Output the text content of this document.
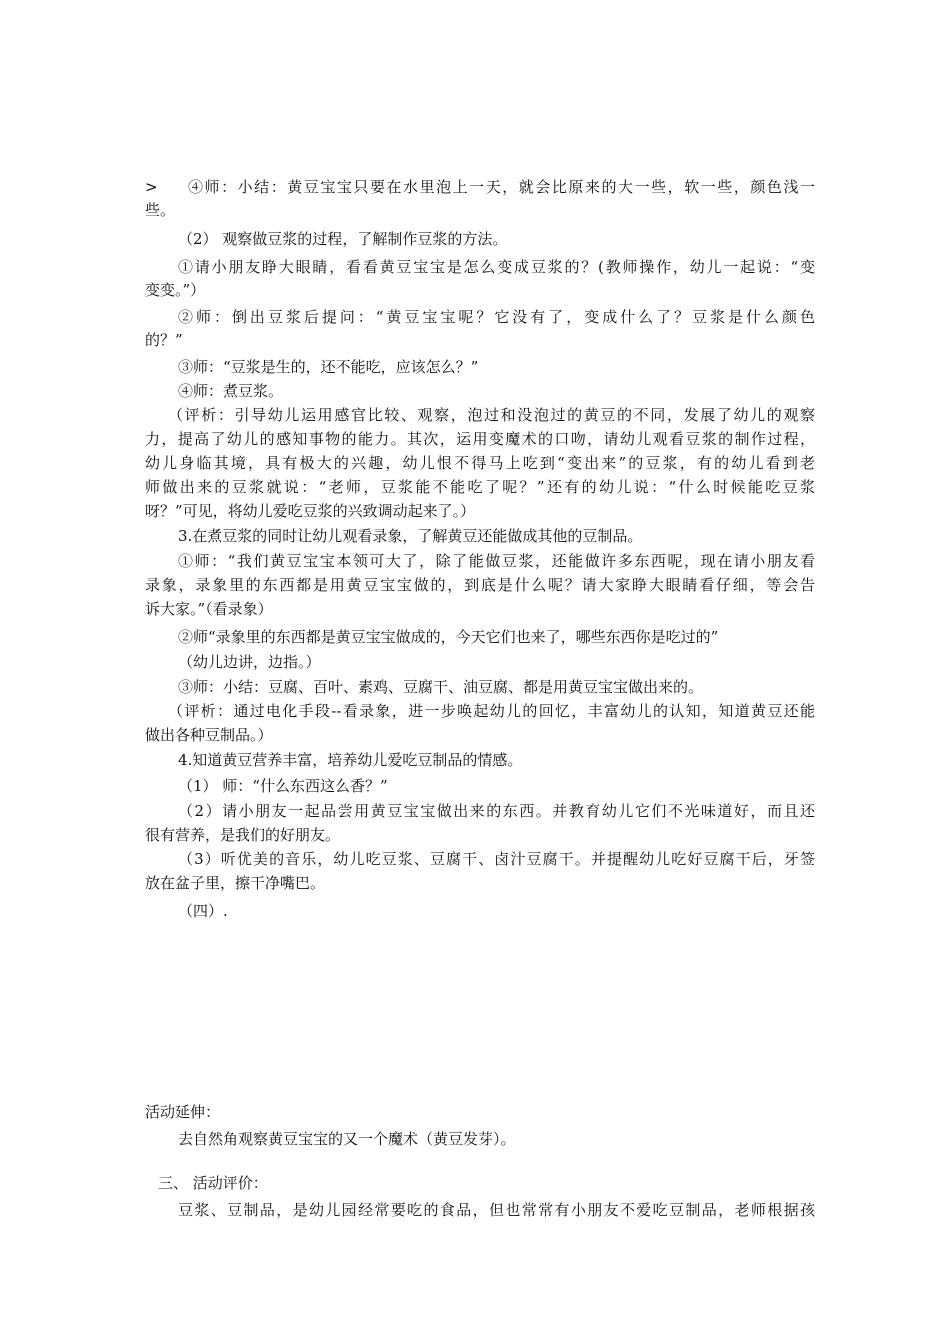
> ④师：小结：黄豆宝宝只要在水里泡上一天，就会比原来的大一些，软一些，颜色浅一
些。
（2） 观察做豆浆的过程，了解制作豆浆的方法。
①请小朋友睁大眼睛，看看黄豆宝宝是怎么变成豆浆的？(教师操作，幼儿一起说：“变
变变。”）
②师：倒出豆浆后提问：“黄豆宝宝呢？它没有了，变成什么了？豆浆是什么颜色
的？”
③师：“豆浆是生的，还不能吃，应该怎么？”
④师：煮豆浆。
（评析：引导幼儿运用感官比较、观察，泡过和没泡过的黄豆的不同，发展了幼儿的观察
力，提高了幼儿的感知事物的能力。其次，运用变魔术的口吻，请幼儿观看豆浆的制作过程，
幼儿身临其境，具有极大的兴趣，幼儿恨不得马上吃到“变出来”的豆浆，有的幼儿看到老
师做出来的豆浆就说：“老师，豆浆能不能吃了呢？”还有的幼儿说：“什么时候能吃豆浆
呀？”可见，将幼儿爱吃豆浆的兴致调动起来了。）
3.在煮豆浆的同时让幼儿观看录象，了解黄豆还能做成其他的豆制品。
①师：“我们黄豆宝宝本领可大了，除了能做豆浆，还能做许多东西呢，现在请小朋友看
录象，录象里的东西都是用黄豆宝宝做的，到底是什么呢？请大家睁大眼睛看仔细，等会告
诉大家。”（看录象）
②师“录象里的东西都是黄豆宝宝做成的，今天它们也来了，哪些东西你是吃过的”
（幼儿边讲，边指。）
③师：小结：豆腐、百叶、素鸡、豆腐干、油豆腐、都是用黄豆宝宝做出来的。
（评析：通过电化手段--看录象，进一步唤起幼儿的回忆，丰富幼儿的认知，知道黄豆还能
做出各种豆制品。）
4.知道黄豆营养丰富，培养幼儿爱吃豆制品的情感。
（1） 师：“什么东西这么香？”
（2）请小朋友一起品尝用黄豆宝宝做出来的东西。并教育幼儿它们不光味道好，而且还
很有营养，是我们的好朋友。
（3）听优美的音乐，幼儿吃豆浆、豆腐干、卤汁豆腐干。并提醒幼儿吃好豆腐干后，牙签
放在盆子里，擦干净嘴巴。
（四）.
活动延伸：
去自然角观察黄豆宝宝的又一个魔术（黄豆发芽）。
三、 活动评价：
豆浆、豆制品，是幼儿园经常要吃的食品，但也常常有小朋友不爱吃豆制品，老师根据孩
